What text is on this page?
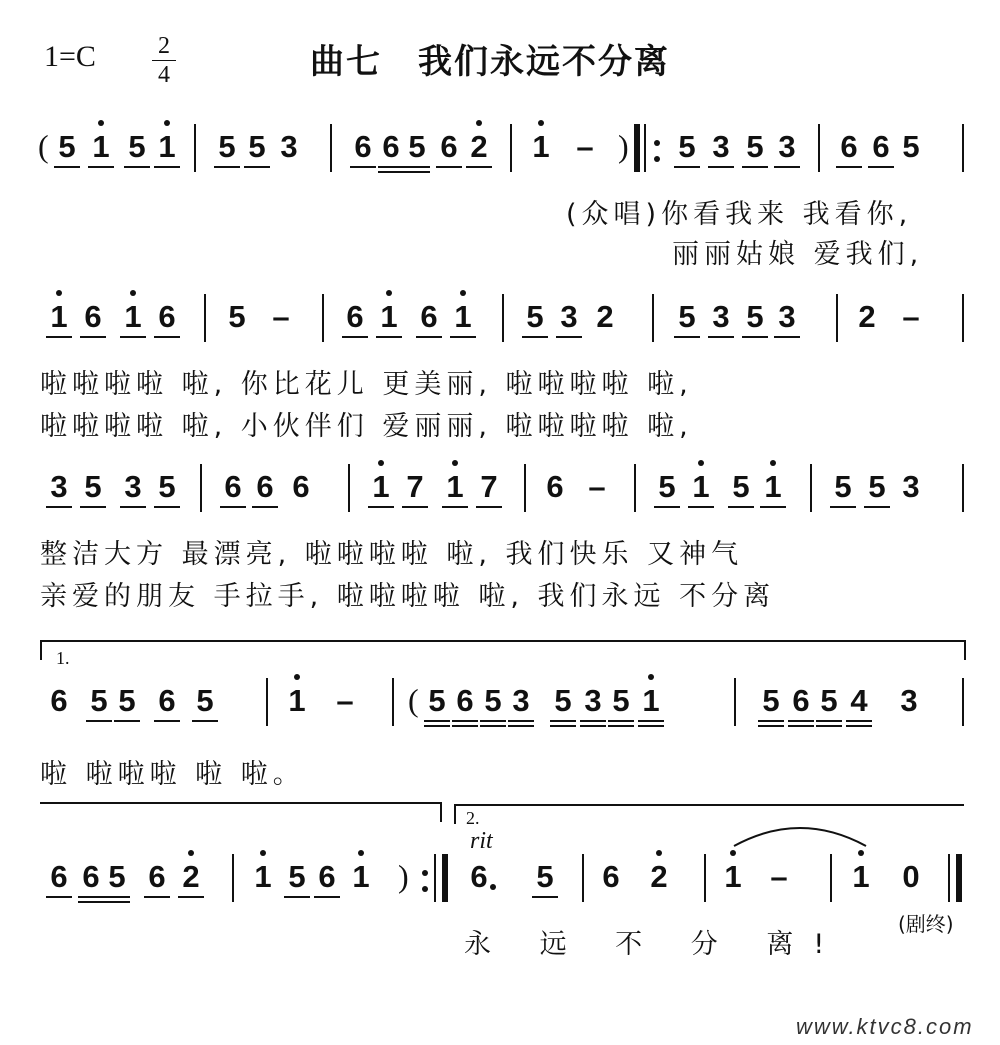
1=C	2
4	曲七　我们永远不分离
( 5 1 5 1 5 5 3 6 6 5 6 2 1 – ) 5 3 5 3 6 6 5
1 6 1 6 5 – 6 1 6 1 5 3 2 5 3 5 3 2 –
3 5 3 5 6 6 6 1 7 1 7 6 – 5 1 5 1 5 5 3
6 5 5 6 5 1 – ( 5 6 5 3 5 3 5 1	5 6 5 4 3
6 6 5 6 2 1 5 6 1 ) 6 5 6 2 1 – 1 0
(众唱)你看我来 我看你,
丽丽姑娘 爱我们,
啦啦啦啦 啦, 你比花儿 更美丽, 啦啦啦啦 啦,
啦啦啦啦 啦, 小伙伴们 爱丽丽, 啦啦啦啦 啦,
整洁大方 最漂亮, 啦啦啦啦 啦, 我们快乐 又神气
亲爱的朋友 手拉手, 啦啦啦啦 啦, 我们永远 不分离
啦 啦啦啦 啦 啦。
永 远 不 分 离!
1.
2.
rit
(剧终)
www.ktvc8.com
